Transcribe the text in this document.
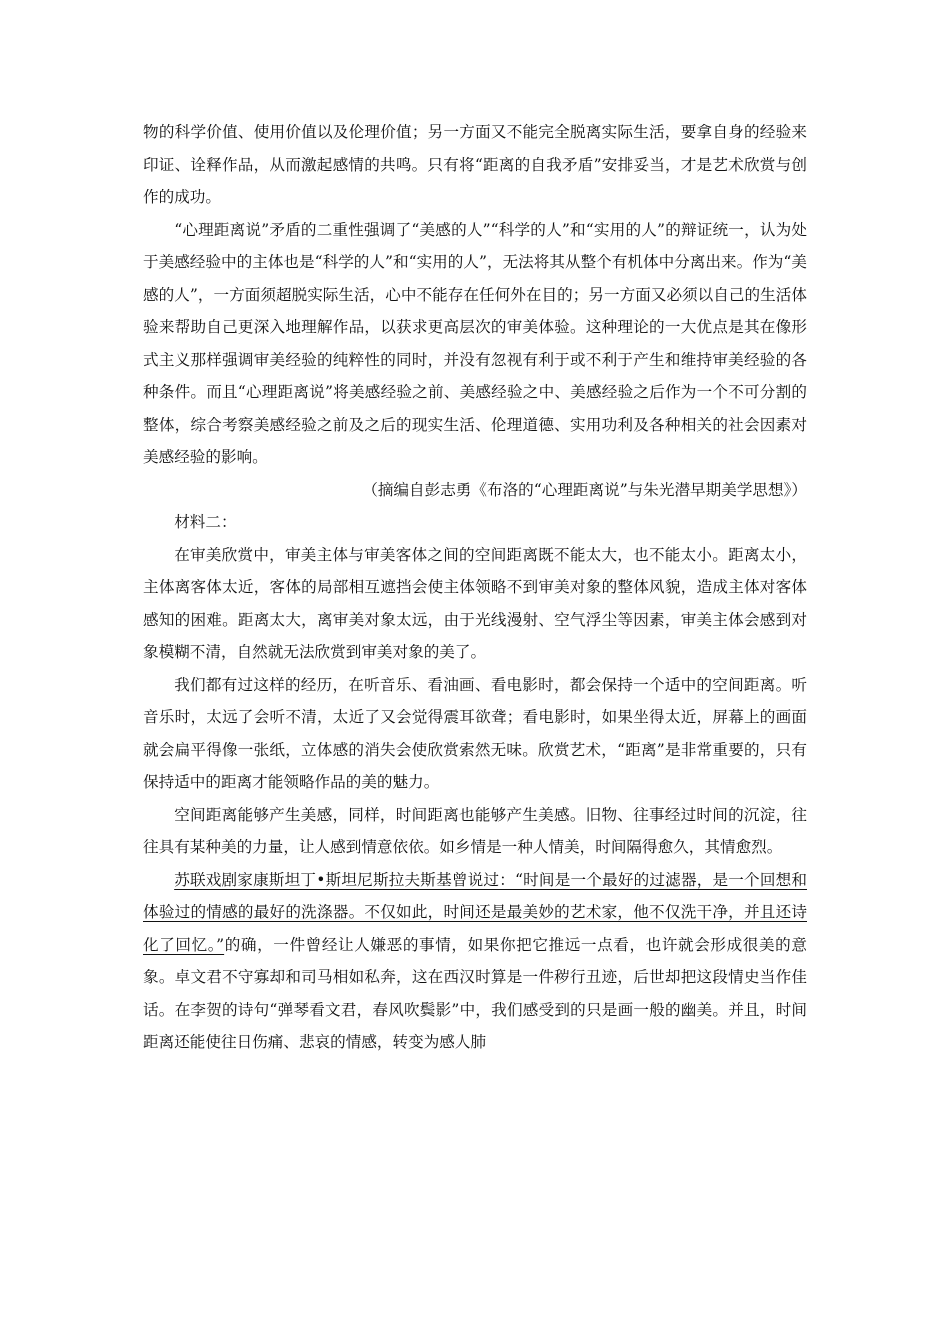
物的科学价值、使用价值以及伦理价值；另一方面又不能完全脱离实际生活，要拿自身的经验来印证、诠释作品，从而激起感情的共鸣。只有将“距离的自我矛盾”安排妥当，才是艺术欣赏与创作的成功。

“心理距离说”矛盾的二重性强调了“美感的人”“科学的人”和“实用的人”的辩证统一，认为处于美感经验中的主体也是“科学的人”和“实用的人”，无法将其从整个有机体中分离出来。作为“美感的人”，一方面须超脱实际生活，心中不能存在任何外在目的；另一方面又必须以自己的生活体验来帮助自己更深入地理解作品，以获求更高层次的审美体验。这种理论的一大优点是其在像形式主义那样强调审美经验的纯粹性的同时，并没有忽视有利于或不利于产生和维持审美经验的各种条件。而且“心理距离说”将美感经验之前、美感经验之中、美感经验之后作为一个不可分割的整体，综合考察美感经验之前及之后的现实生活、伦理道德、实用功利及各种相关的社会因素对美感经验的影响。

（摘编自彭志勇《布洛的“心理距离说”与朱光潜早期美学思想》）

材料二：

在审美欣赏中，审美主体与审美客体之间的空间距离既不能太大，也不能太小。距离太小，主体离客体太近，客体的局部相互遮挡会使主体领略不到审美对象的整体风貌，造成主体对客体感知的困难。距离太大，离审美对象太远，由于光线漫射、空气浮尘等因素，审美主体会感到对象模糊不清，自然就无法欣赏到审美对象的美了。

我们都有过这样的经历，在听音乐、看油画、看电影时，都会保持一个适中的空间距离。听音乐时，太远了会听不清，太近了又会觉得震耳欲聋；看电影时，如果坐得太近，屏幕上的画面就会扁平得像一张纸，立体感的消失会使欣赏索然无味。欣赏艺术，“距离”是非常重要的，只有保持适中的距离才能领略作品的美的魅力。

空间距离能够产生美感，同样，时间距离也能够产生美感。旧物、往事经过时间的沉淀，往往具有某种美的力量，让人感到情意依依。如乡情是一种人情美，时间隔得愈久，其情愈烈。

苏联戏剧家康斯坦丁•斯坦尼斯拉夫斯基曾说过：“时间是一个最好的过滤器，是一个回想和体验过的情感的最好的洗涤器。不仅如此，时间还是最美妙的艺术家，他不仅洗干净，并且还诗化了回忆。”的确，一件曾经让人嫌恶的事情，如果你把它推远一点看，也许就会形成很美的意象。卓文君不守寡却和司马相如私奔，这在西汉时算是一件秽行丑迹，后世却把这段情史当作佳话。在李贺的诗句“弹琴看文君，春风吹鬓影”中，我们感受到的只是画一般的幽美。并且，时间距离还能使往日伤痛、悲哀的情感，转变为感人肺
